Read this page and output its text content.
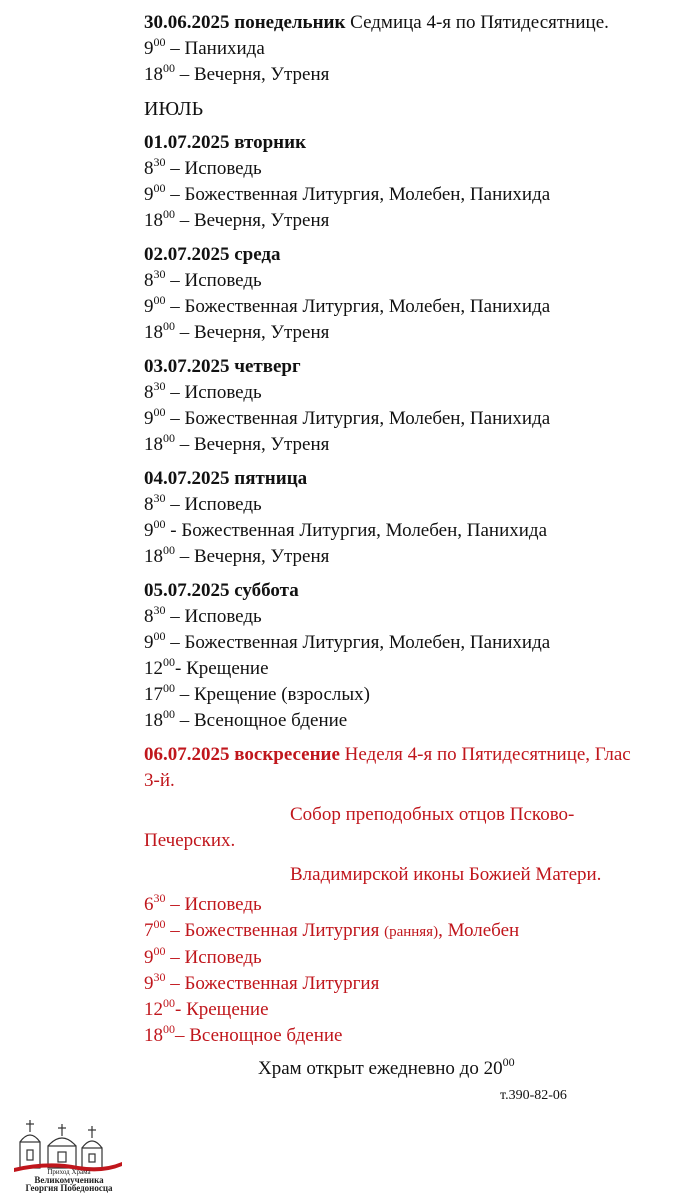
30.06.2025 понедельник Седмица 4-я по Пятидесятнице.
$9^{00}$ – Панихида
$18^{00}$ – Вечерня, Утреня
ИЮЛЬ
01.07.2025 вторник
$8^{30}$ – Исповедь
$9^{00}$ – Божественная Литургия, Молебен, Панихида
$18^{00}$ – Вечерня, Утреня
02.07.2025 среда
$8^{30}$ – Исповедь
$9^{00}$ – Божественная Литургия, Молебен, Панихида
$18^{00}$ – Вечерня, Утреня
03.07.2025 четверг
$8^{30}$ – Исповедь
$9^{00}$ – Божественная Литургия, Молебен, Панихида
$18^{00}$ – Вечерня, Утреня
04.07.2025 пятница
$8^{30}$ – Исповедь
$9^{00}$ - Божественная Литургия, Молебен, Панихида
$18^{00}$ – Вечерня, Утреня
05.07.2025 суббота
$8^{30}$ – Исповедь
$9^{00}$ – Божественная Литургия, Молебен, Панихида
$12^{00}-$ Крещение
$17^{00}$ – Крещение (взрослых)
$18^{00}$ – Всенощное бдение
06.07.2025 воскресение Неделя 4-я по Пятидесятнице, Глас 3-й.
Собор преподобных отцов Псково-
Печерских.
Владимирской иконы Божией Матери.
$6^{30}$ – Исповедь
$7^{00}$ – Божественная Литургия (ранняя), Молебен
$9^{00}$ – Исповедь
$9^{30}$ – Божественная Литургия
$12^{00}-$ Крещение
$18^{00}-$ Всенощное бдение
Храм открыт ежедневно до $20^{00}$
т.390-82-06
Приход Храма

Великомученика
Георгия Победоносца
